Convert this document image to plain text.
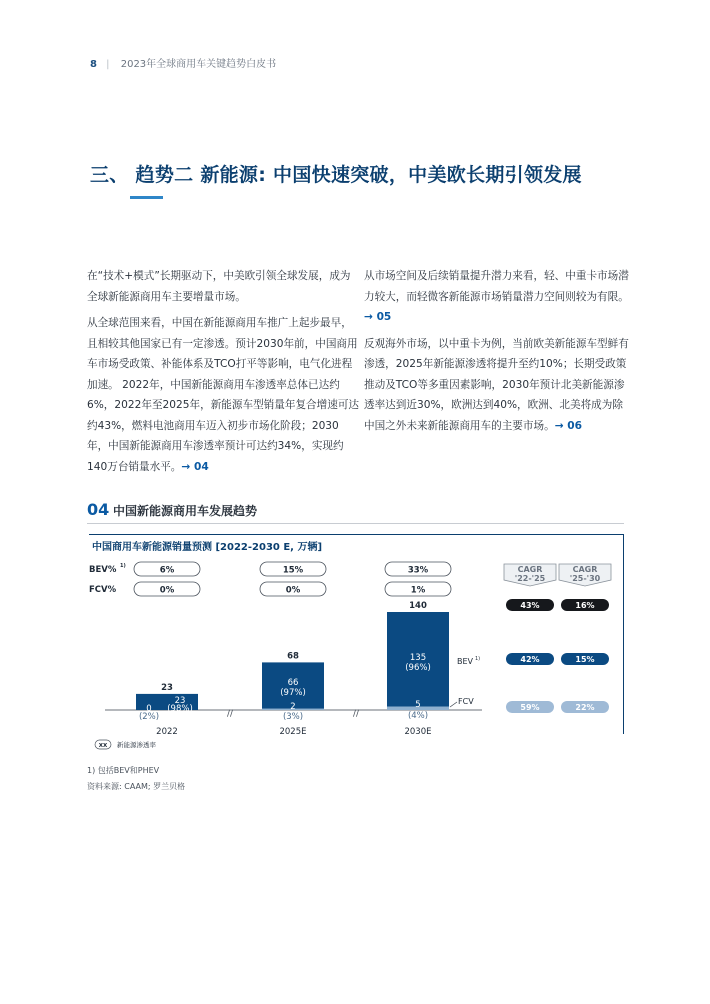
8 | 2023年全球商用车关键趋势白皮书
三、 趋势二 新能源: 中国快速突破，中美欧长期引领发展

在“技术+模式”长期驱动下，中美欧引领全球发展，成为全球新能源商用车主要增量市场。

从全球范围来看，中国在新能源商用车推广上起步最早，且相较其他国家已有一定渗透。预计2030年前，中国商用车市场受政策、补能体系及TCO打平等影响，电气化进程加速。 2022年，中国新能源商用车渗透率总体已达约6%，2022年至2025年，新能源车型销量年复合增速可达约43%，燃料电池商用车迈入初步市场化阶段；2030年，中国新能源商用车渗透率预计可达约34%，实现约140万台销量水平。→ 04

从市场空间及后续销量提升潜力来看，轻、中重卡市场潜力较大，而轻微客新能源市场销量潜力空间则较为有限。→ 05

反观海外市场，以中重卡为例，当前欧美新能源车型鲜有渗透，2025年新能源渗透将提升至约10%；长期受政策推动及TCO等多重因素影响，2030年预计北美新能源渗透率达到近30%，欧洲达到40%，欧洲、北美将成为除中国之外未来新能源商用车的主要市场。→ 06

04 中国新能源商用车发展趋势
中国商用车新能源销量预测 [2022-2030 E, 万辆]
BEV% 1)
FCV%
6%
0%
15%
0%
33%
1%
23
2022
68
2025E
140
2030E
23
(98%)
0
(2%)
66
(97%)
2
(3%)
135
(96%)
5
(4%)
//	//
BEV 1)
FCV
CAGR
'22-'25
43%
42%
59%
CAGR
'25-'30
16%
15%
22%
XX 新能源渗透率
1) 包括BEV和PHEV
资料来源: CAAM; 罗兰贝格
